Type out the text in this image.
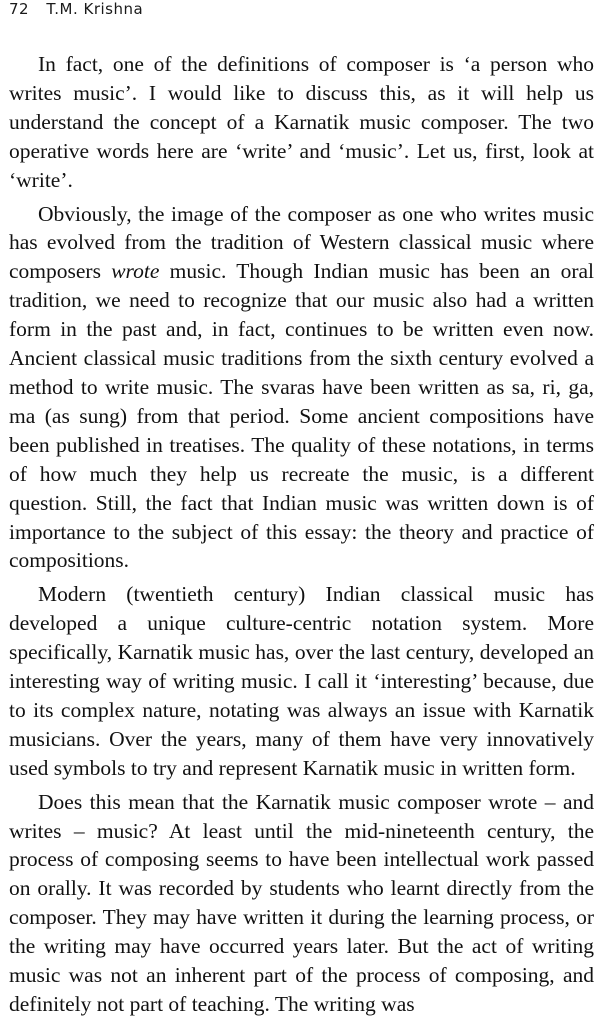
72 T.M. Krishna

In fact, one of the definitions of composer is ‘a person who writes music’. I would like to discuss this, as it will help us understand the concept of a Karnatik music composer. The two operative words here are ‘write’ and ‘music’. Let us, first, look at ‘write’.

Obviously, the image of the composer as one who writes music has evolved from the tradition of Western classical music where composers wrote music. Though Indian music has been an oral tradition, we need to recognize that our music also had a written form in the past and, in fact, continues to be written even now. Ancient classical music traditions from the sixth century evolved a method to write music. The svaras have been written as sa, ri, ga, ma (as sung) from that period. Some ancient compositions have been published in treatises. The quality of these notations, in terms of how much they help us recreate the music, is a different question. Still, the fact that Indian music was written down is of importance to the subject of this essay: the theory and practice of compositions.

Modern (twentieth century) Indian classical music has developed a unique culture-centric notation system. More specifically, Karnatik music has, over the last century, developed an interesting way of writing music. I call it ‘interesting’ because, due to its complex nature, notating was always an issue with Karnatik musicians. Over the years, many of them have very innovatively used symbols to try and represent Karnatik music in written form.

Does this mean that the Karnatik music composer wrote – and writes – music? At least until the mid-nineteenth century, the process of composing seems to have been intellectual work passed on orally. It was recorded by students who learnt directly from the composer. They may have written it during the learning process, or the writing may have occurred years later. But the act of writing music was not an inherent part of the process of composing, and definitely not part of teaching. The writing was
